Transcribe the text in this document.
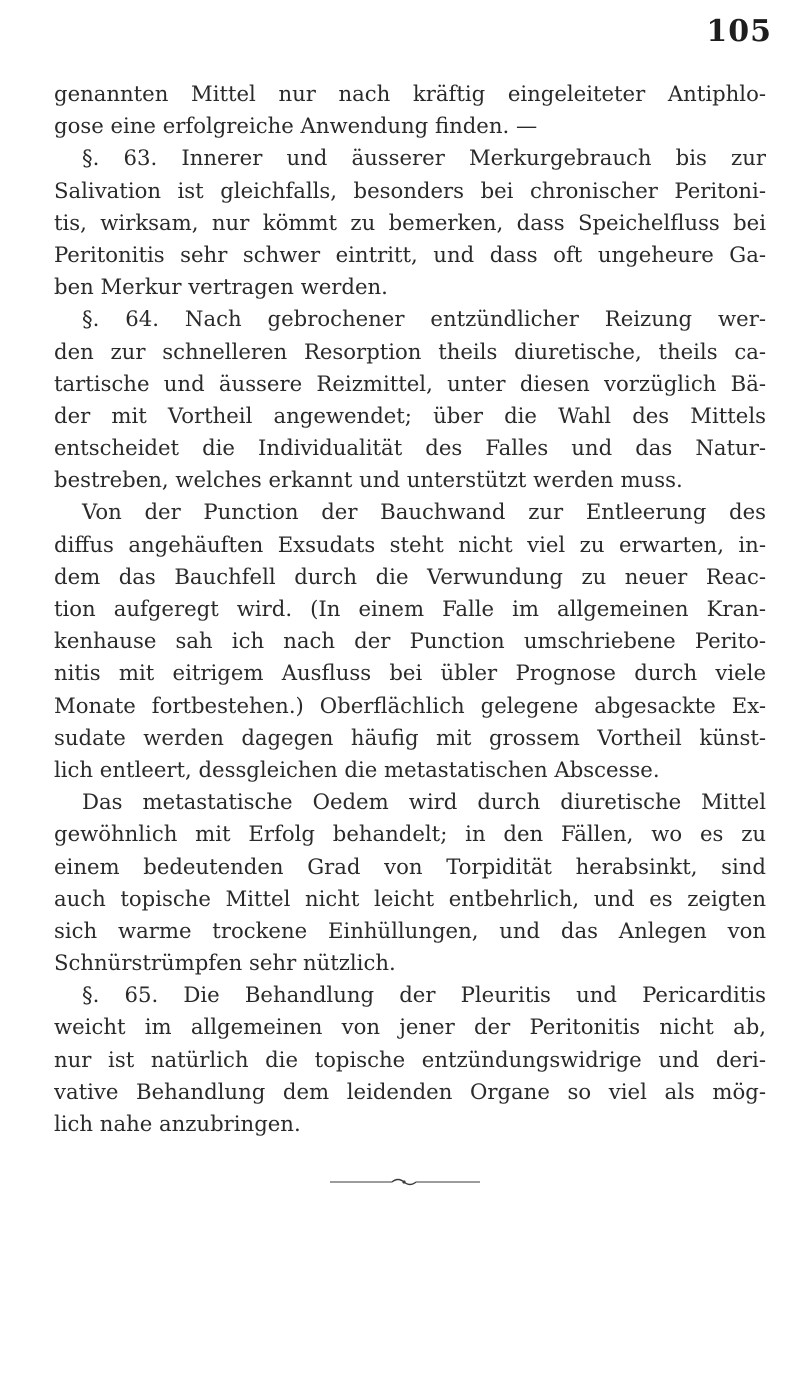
105
genannten Mittel nur nach kräftig eingeleiteter Antiphlo-
gose eine erfolgreiche Anwendung finden. —
§. 63. Innerer und äusserer Merkurgebrauch bis zur
Salivation ist gleichfalls, besonders bei chronischer Peritoni-
tis, wirksam, nur kömmt zu bemerken, dass Speichelfluss bei
Peritonitis sehr schwer eintritt, und dass oft ungeheure Ga-
ben Merkur vertragen werden.
§. 64. Nach gebrochener entzündlicher Reizung wer-
den zur schnelleren Resorption theils diuretische, theils ca-
tartische und äussere Reizmittel, unter diesen vorzüglich Bä-
der mit Vortheil angewendet; über die Wahl des Mittels
entscheidet die Individualität des Falles und das Natur-
bestreben, welches erkannt und unterstützt werden muss.
Von der Punction der Bauchwand zur Entleerung des
diffus angehäuften Exsudats steht nicht viel zu erwarten, in-
dem das Bauchfell durch die Verwundung zu neuer Reac-
tion aufgeregt wird. (In einem Falle im allgemeinen Kran-
kenhause sah ich nach der Punction umschriebene Perito-
nitis mit eitrigem Ausfluss bei übler Prognose durch viele
Monate fortbestehen.) Oberflächlich gelegene abgesackte Ex-
sudate werden dagegen häufig mit grossem Vortheil künst-
lich entleert, dessgleichen die metastatischen Abscesse.
Das metastatische Oedem wird durch diuretische Mittel
gewöhnlich mit Erfolg behandelt; in den Fällen, wo es zu
einem bedeutenden Grad von Torpidität herabsinkt, sind
auch topische Mittel nicht leicht entbehrlich, und es zeigten
sich warme trockene Einhüllungen, und das Anlegen von
Schnürstrümpfen sehr nützlich.
§. 65. Die Behandlung der Pleuritis und Pericarditis
weicht im allgemeinen von jener der Peritonitis nicht ab,
nur ist natürlich die topische entzündungswidrige und deri-
vative Behandlung dem leidenden Organe so viel als mög-
lich nahe anzubringen.
